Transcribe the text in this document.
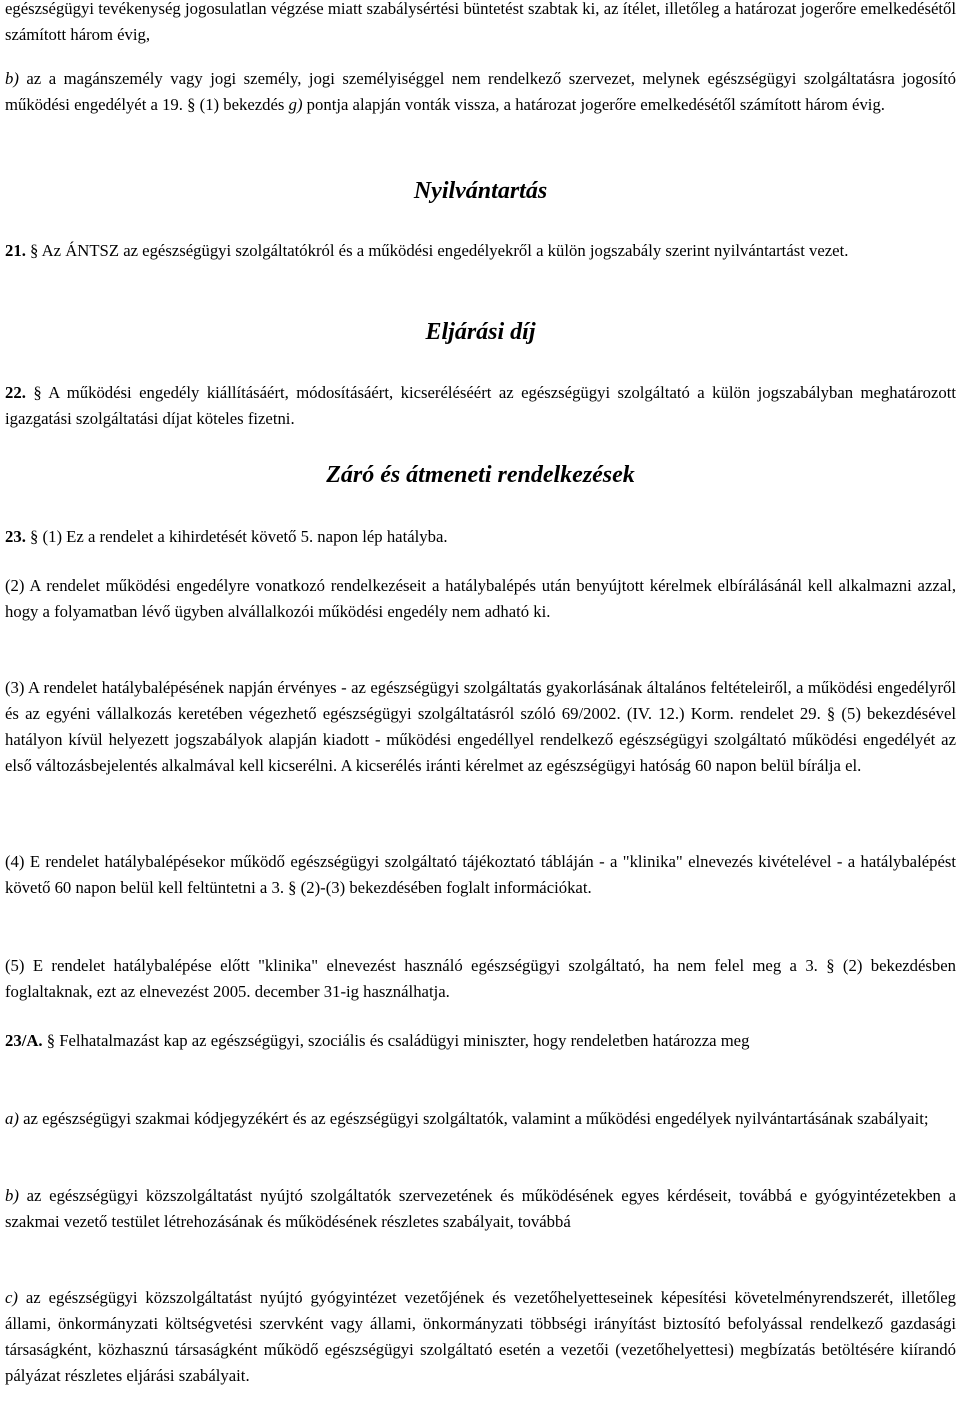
egészségügyi tevékenység jogosulatlan végzése miatt szabálysértési büntetést szabtak ki, az ítélet, illetőleg a határozat jogerőre emelkedésétől számított három évig,

b) az a magánszemély vagy jogi személy, jogi személyiséggel nem rendelkező szervezet, melynek egészségügyi szolgáltatásra jogosító működési engedélyét a 19. § (1) bekezdés g) pontja alapján vonták vissza, a határozat jogerőre emelkedésétől számított három évig.

Nyilvántartás

21. § Az ÁNTSZ az egészségügyi szolgáltatókról és a működési engedélyekről a külön jogszabály szerint nyilvántartást vezet.

Eljárási díj

22. § A működési engedély kiállításáért, módosításáért, kicseréléséért az egészségügyi szolgáltató a külön jogszabályban meghatározott igazgatási szolgáltatási díjat köteles fizetni.

Záró és átmeneti rendelkezések

23. § (1) Ez a rendelet a kihirdetését követő 5. napon lép hatályba.

(2) A rendelet működési engedélyre vonatkozó rendelkezéseit a hatálybalépés után benyújtott kérelmek elbírálásánál kell alkalmazni azzal, hogy a folyamatban lévő ügyben alvállalkozói működési engedély nem adható ki.

(3) A rendelet hatálybalépésének napján érvényes - az egészségügyi szolgáltatás gyakorlásának általános feltételeiről, a működési engedélyről és az egyéni vállalkozás keretében végezhető egészségügyi szolgáltatásról szóló 69/2002. (IV. 12.) Korm. rendelet 29. § (5) bekezdésével hatályon kívül helyezett jogszabályok alapján kiadott - működési engedéllyel rendelkező egészségügyi szolgáltató működési engedélyét az első változásbejelentés alkalmával kell kicserélni. A kicserélés iránti kérelmet az egészségügyi hatóság 60 napon belül bírálja el.

(4) E rendelet hatálybalépésekor működő egészségügyi szolgáltató tájékoztató tábláján - a "klinika" elnevezés kivételével - a hatálybalépést követő 60 napon belül kell feltüntetni a 3. § (2)-(3) bekezdésében foglalt információkat.

(5) E rendelet hatálybalépése előtt "klinika" elnevezést használó egészségügyi szolgáltató, ha nem felel meg a 3. § (2) bekezdésben foglaltaknak, ezt az elnevezést 2005. december 31-ig használhatja.

23/A. § Felhatalmazást kap az egészségügyi, szociális és családügyi miniszter, hogy rendeletben határozza meg

a) az egészségügyi szakmai kódjegyzékért és az egészségügyi szolgáltatók, valamint a működési engedélyek nyilvántartásának szabályait;

b) az egészségügyi közszolgáltatást nyújtó szolgáltatók szervezetének és működésének egyes kérdéseit, továbbá e gyógyintézetekben a szakmai vezető testület létrehozásának és működésének részletes szabályait, továbbá

c) az egészségügyi közszolgáltatást nyújtó gyógyintézet vezetőjének és vezetőhelyetteseinek képesítési követelményrendszerét, illetőleg állami, önkormányzati költségvetési szervként vagy állami, önkormányzati többségi irányítást biztosító befolyással rendelkező gazdasági társaságként, közhasznú társaságként működő egészségügyi szolgáltató esetén a vezetői (vezetőhelyettesi) megbízatás betöltésére kiírandó pályázat részletes eljárási szabályait.
